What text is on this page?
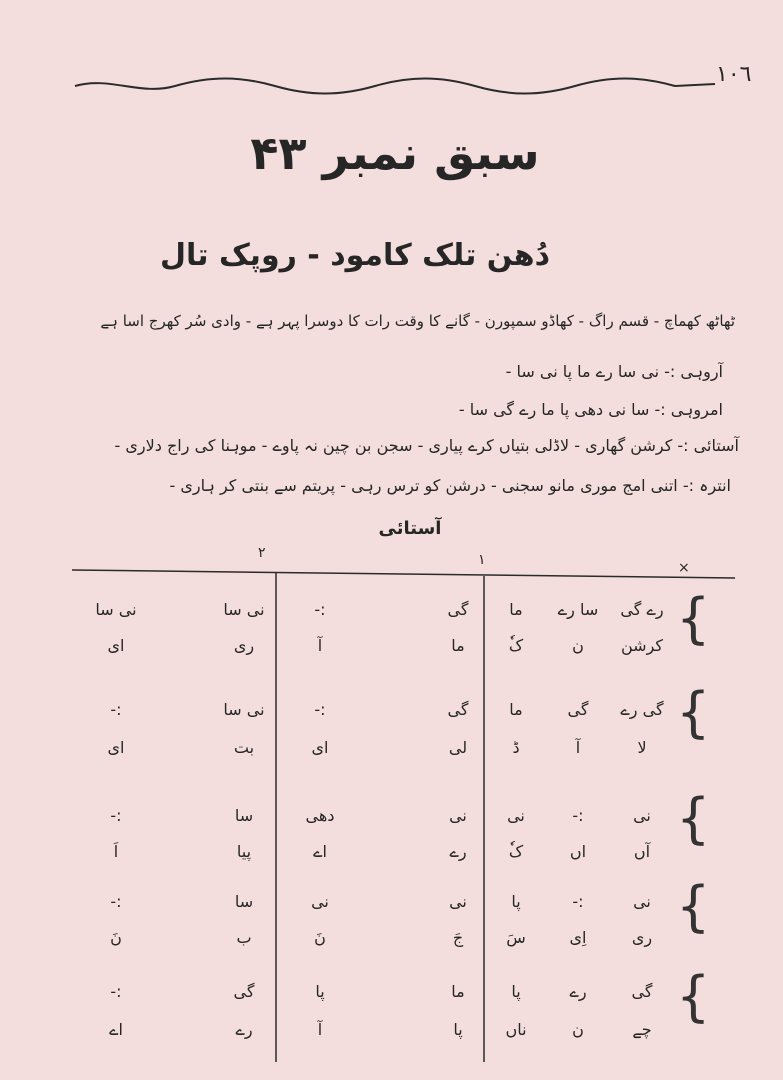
١٠٦
سبق نمبر ۴۳
دُھن تلک کامود - روپک تال
ٹھاٹھ کھماچ - قسم راگ - کھاڈو سمپورن - گانے کا وقت رات کا دوسرا پہر ہے - وادی سُر کھرج اسا ہے
آروہی :- نی سا رے ما پا نی سا -
امروہی :- سا نی دھی پا ما رے گی سا -
آستائی :- کرشن گھاری - لاڈلی بتیاں کرے پیاری - سجن بن چین نہ پاوے - موہنا کی راج دلاری -
انترہ :- اتنی امج موری مانو سجنی - درشن کو ترس رہی - پریتم سے بنتی کر ہاری -
آستائی
×
١
٢
{
{
{
{
{
رے گی
سا رے
ما
گی
:-
نی سا
نی سا
کرشن
ن
کٗ
ما
آ
ری
ای
گی رے
گی
ما
گی
:-
نی سا
:-
لا
آ
ڈ
لی
ای
بت
ای
نی
:-
نی
نی
دھی
سا
:-
آں
اں
کٗ
رے
اے
پیا
اَ
نی
:-
پا
نی
نی
سا
:-
ری
اِی
سَ
جَ
نَ
ب
نَ
گی
رے
پا
ما
پا
گی
:-
چے
ن
ناں
پا
آ
رے
اے
